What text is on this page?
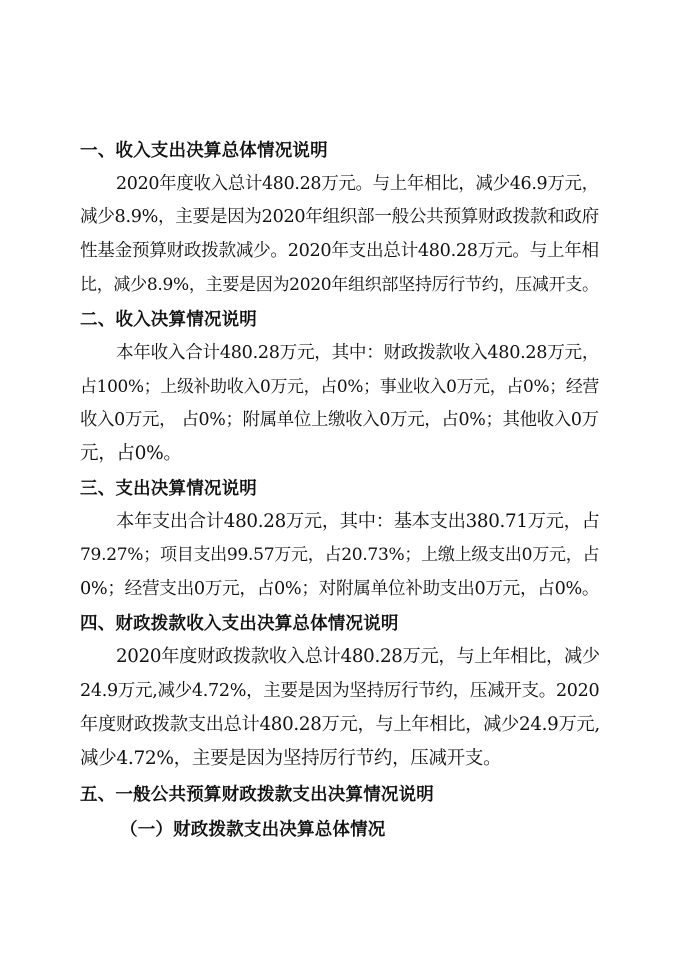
一、收入支出决算总体情况说明
2020年度收入总计480.28万元。与上年相比，减少46.9万元，
减少8.9%，主要是因为2020年组织部一般公共预算财政拨款和政府
性基金预算财政拨款减少。2020年支出总计480.28万元。与上年相
比，减少8.9%，主要是因为2020年组织部坚持厉行节约，压减开支。
二、收入决算情况说明
本年收入合计480.28万元，其中：财政拨款收入480.28万元，
占100%；上级补助收入0万元，占0%；事业收入0万元，占0%；经营
收入0万元， 占0%；附属单位上缴收入0万元，占0%；其他收入0万
元，占0%。
三、支出决算情况说明
本年支出合计480.28万元，其中：基本支出380.71万元，占
79.27%；项目支出99.57万元，占20.73%；上缴上级支出0万元，占
0%；经营支出0万元，占0%；对附属单位补助支出0万元，占0%。
四、财政拨款收入支出决算总体情况说明
2020年度财政拨款收入总计480.28万元，与上年相比，减少
24.9万元,减少4.72%，主要是因为坚持厉行节约，压减开支。2020
年度财政拨款支出总计480.28万元，与上年相比，减少24.9万元,
减少4.72%，主要是因为坚持厉行节约，压减开支。
五、一般公共预算财政拨款支出决算情况说明
（一）财政拨款支出决算总体情况
